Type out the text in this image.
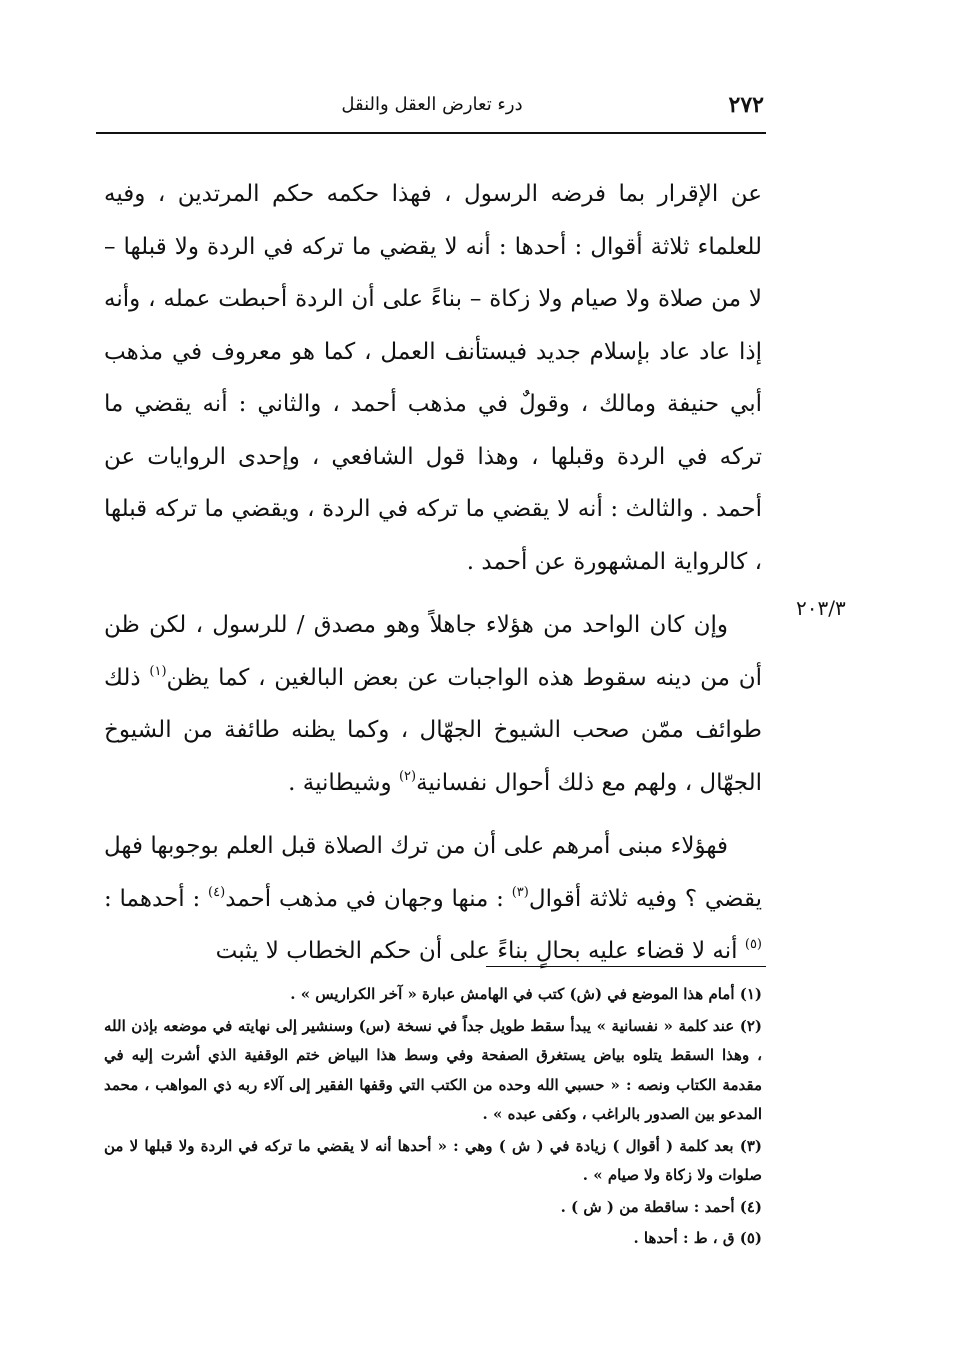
٢٧٢
درء تعارض العقل والنقل
٢٠٣/٣

عن الإقرار بما فرضه الرسول ، فهذا حكمه حكم المرتدين ، وفيه للعلماء ثلاثة أقوال : أحدها : أنه لا يقضي ما تركه في الردة ولا قبلها – لا من صلاة ولا صيام ولا زكاة – بناءً على أن الردة أحبطت عمله ، وأنه إذا عاد عاد بإسلام جديد فيستأنف العمل ، كما هو معروف في مذهب أبي حنيفة ومالك ، وقولٌ في مذهب أحمد ، والثاني : أنه يقضي ما تركه في الردة وقبلها ، وهذا قول الشافعي ، وإحدى الروايات عن أحمد . والثالث : أنه لا يقضي ما تركه في الردة ، ويقضي ما تركه قبلها ، كالرواية المشهورة عن أحمد .

وإن كان الواحد من هؤلاء جاهلاً وهو مصدق / للرسول ، لكن ظن أن من دينه سقوط هذه الواجبات عن بعض البالغين ، كما يظن$^{(١)}$ ذلك طوائف ممّن صحب الشيوخ الجهّال ، وكما يظنه طائفة من الشيوخ الجهّال ، ولهم مع ذلك أحوال نفسانية$^{(٢)}$ وشيطانية .

فهؤلاء مبنى أمرهم على أن من ترك الصلاة قبل العلم بوجوبها فهل يقضي ؟ وفيه ثلاثة أقوال$^{(٣)}$ : منها وجهان في مذهب أحمد$^{(٤)}$ : أحدهما : $^{(٥)}$ أنه لا قضاء عليه بحالٍ بناءً على أن حكم الخطاب لا يثبت

(١) أمام هذا الموضع في (ش) كتب في الهامش عبارة « آخر الكراريس » .

(٢) عند كلمة « نفسانية » يبدأ سقط طويل جداً في نسخة (س) وسنشير إلى نهايته في موضعه بإذن الله ، وهذا السقط يتلوه بياض يستغرق الصفحة وفي وسط هذا البياض ختم الوقفية الذي أشرت إليه في مقدمة الكتاب ونصه : « حسبي الله وحده من الكتب التي وقفها الفقير إلى آلاء ربه ذي المواهب ، محمد المدعو بين الصدور بالراغب ، وكفى عبده » .

(٣) بعد كلمة ( أقوال ) زيادة في ( ش ) وهي : « أحدها أنه لا يقضي ما تركه في الردة ولا قبلها لا من صلوات ولا زكاة ولا صيام » .

(٤) أحمد : ساقطة من ( ش ) .

(٥) ق ، ط : أحدها .
